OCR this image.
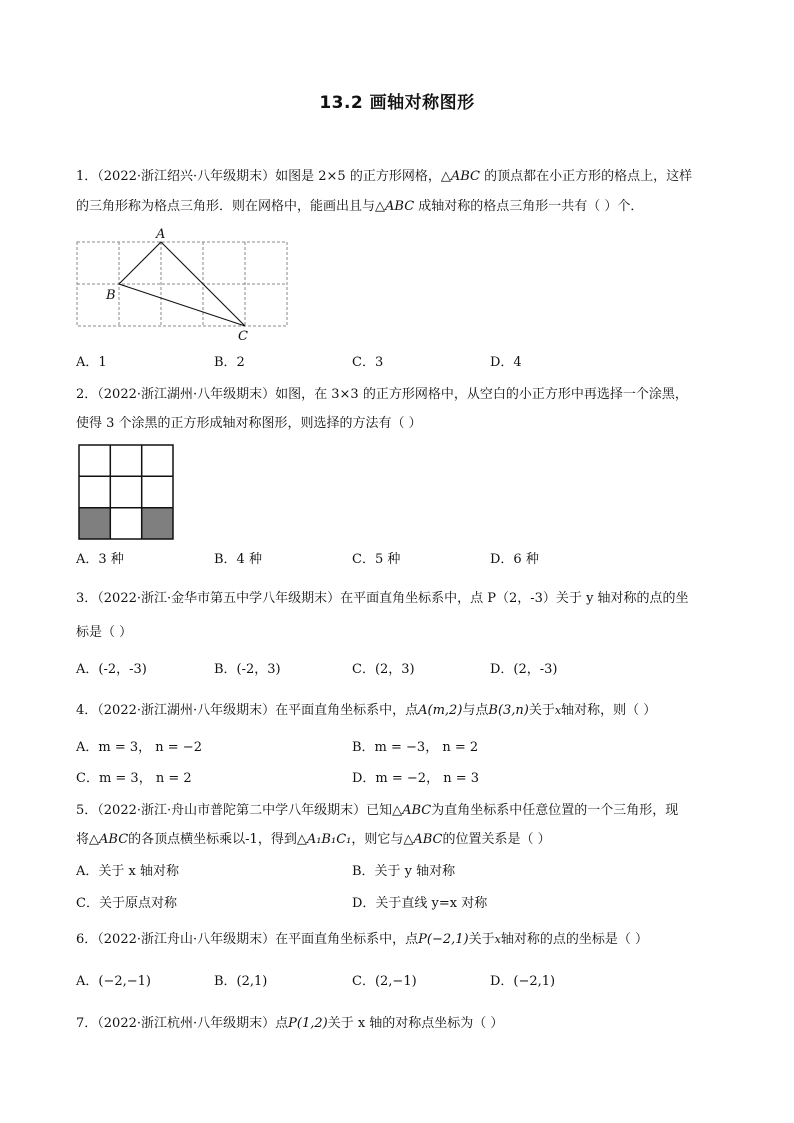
13.2 画轴对称图形
1．（2022·浙江绍兴·八年级期末）如图是 2×5 的正方形网格，△ABC 的顶点都在小正方形的格点上，这样
的三角形称为格点三角形．则在网格中，能画出且与△ABC 成轴对称的格点三角形一共有（ ）个．
A
B
C
A．1	B．2	C．3	D．4
2．（2022·浙江湖州·八年级期末）如图，在 3×3 的正方形网格中，从空白的小正方形中再选择一个涂黑，
使得 3 个涂黑的正方形成轴对称图形，则选择的方法有（ ）
A．3 种	B．4 种	C．5 种	D．6 种
3．（2022·浙江·金华市第五中学八年级期末）在平面直角坐标系中，点 P（2，-3）关于 y 轴对称的点的坐
标是（ ）
A．(-2，-3)	B．(-2，3)	C．(2，3)	D．(2，-3)
4．（2022·浙江湖州·八年级期末）在平面直角坐标系中，点A(m,2)与点B(3,n)关于x轴对称，则（ ）
A．m = 3， n = −2	B．m = −3， n = 2
C．m = 3， n = 2	D．m = −2， n = 3
5．（2022·浙江·舟山市普陀第二中学八年级期末）已知△ABC为直角坐标系中任意位置的一个三角形，现
将△ABC的各顶点横坐标乘以-1，得到△A₁B₁C₁，则它与△ABC的位置关系是（ ）
A．关于 x 轴对称	B．关于 y 轴对称
C．关于原点对称	D．关于直线 y=x 对称
6．（2022·浙江舟山·八年级期末）在平面直角坐标系中，点P(−2,1)关于x轴对称的点的坐标是（ ）
A．(−2,−1)	B．(2,1)	C．(2,−1)	D．(−2,1)
7．（2022·浙江杭州·八年级期末）点P(1,2)关于 x 轴的对称点坐标为（ ）
